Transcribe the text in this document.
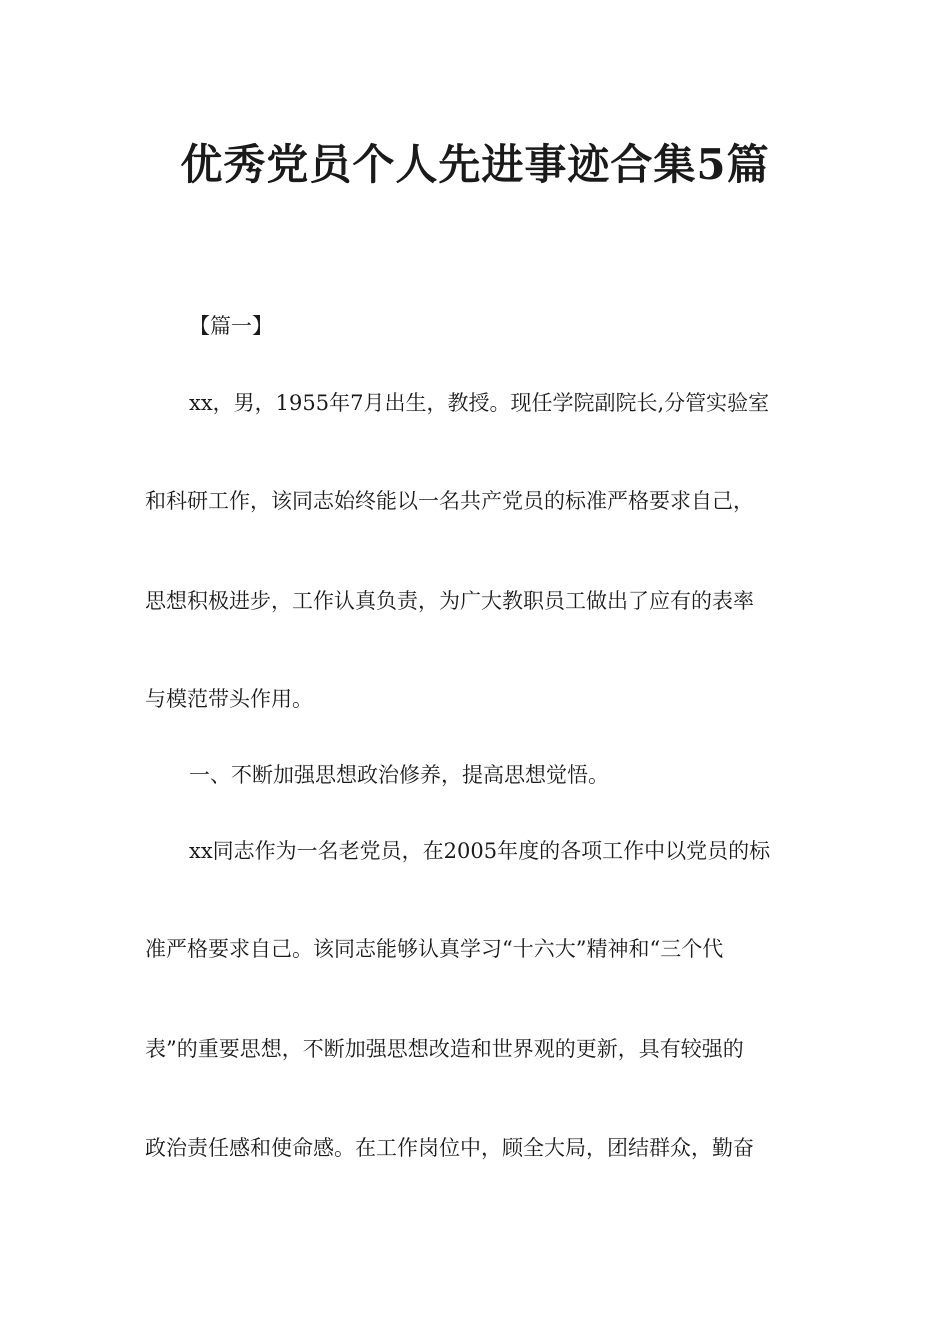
优秀党员个人先进事迹合集5篇

【篇一】

xx，男，1955年7月出生，教授。现任学院副院长,分管实验室

和科研工作，该同志始终能以一名共产党员的标准严格要求自己，

思想积极进步，工作认真负责，为广大教职员工做出了应有的表率

与模范带头作用。

一、不断加强思想政治修养，提高思想觉悟。

xx同志作为一名老党员，在2005年度的各项工作中以党员的标

准严格要求自己。该同志能够认真学习“十六大”精神和“三个代

表”的重要思想，不断加强思想改造和世界观的更新，具有较强的

政治责任感和使命感。在工作岗位中，顾全大局，团结群众，勤奋
